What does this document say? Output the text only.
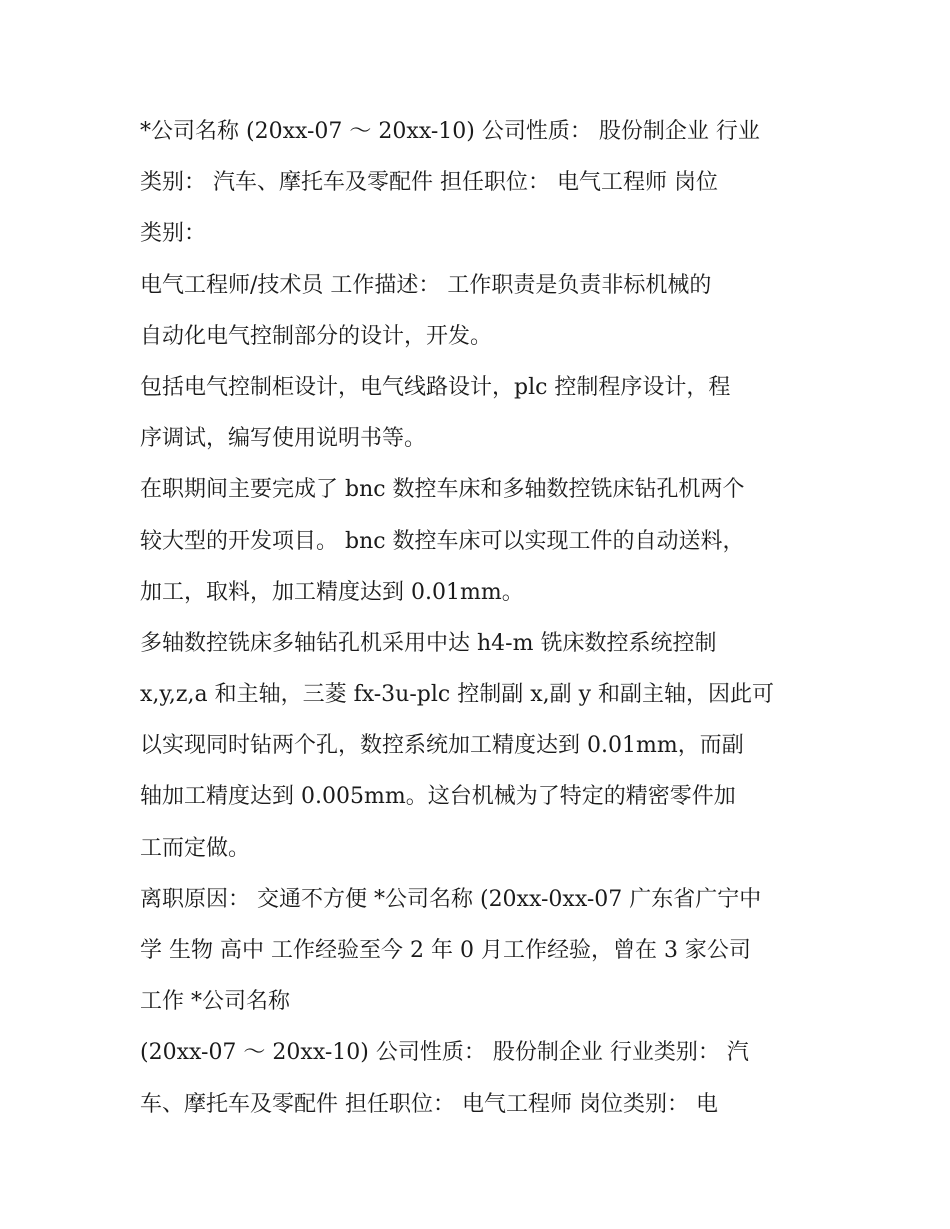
*公司名称 (20xx-07 ～ 20xx-10) 公司性质： 股份制企业 行业
类别： 汽车、摩托车及零配件 担任职位： 电气工程师 岗位
类别：
电气工程师/技术员 工作描述： 工作职责是负责非标机械的
自动化电气控制部分的设计，开发。
包括电气控制柜设计，电气线路设计，plc 控制程序设计，程
序调试，编写使用说明书等。
在职期间主要完成了 bnc 数控车床和多轴数控铣床钻孔机两个
较大型的开发项目。 bnc 数控车床可以实现工件的自动送料，
加工，取料，加工精度达到 0.01mm。
多轴数控铣床多轴钻孔机采用中达 h4-m 铣床数控系统控制
x,y,z,a 和主轴，三菱 fx-3u-plc 控制副 x,副 y 和副主轴，因此可
以实现同时钻两个孔，数控系统加工精度达到 0.01mm，而副
轴加工精度达到 0.005mm。这台机械为了特定的精密零件加
工而定做。
离职原因： 交通不方便 *公司名称 (20xx-0xx-07 广东省广宁中
学 生物 高中 工作经验至今 2 年 0 月工作经验，曾在 3 家公司
工作 *公司名称
(20xx-07 ～ 20xx-10) 公司性质： 股份制企业 行业类别： 汽
车、摩托车及零配件 担任职位： 电气工程师 岗位类别： 电
